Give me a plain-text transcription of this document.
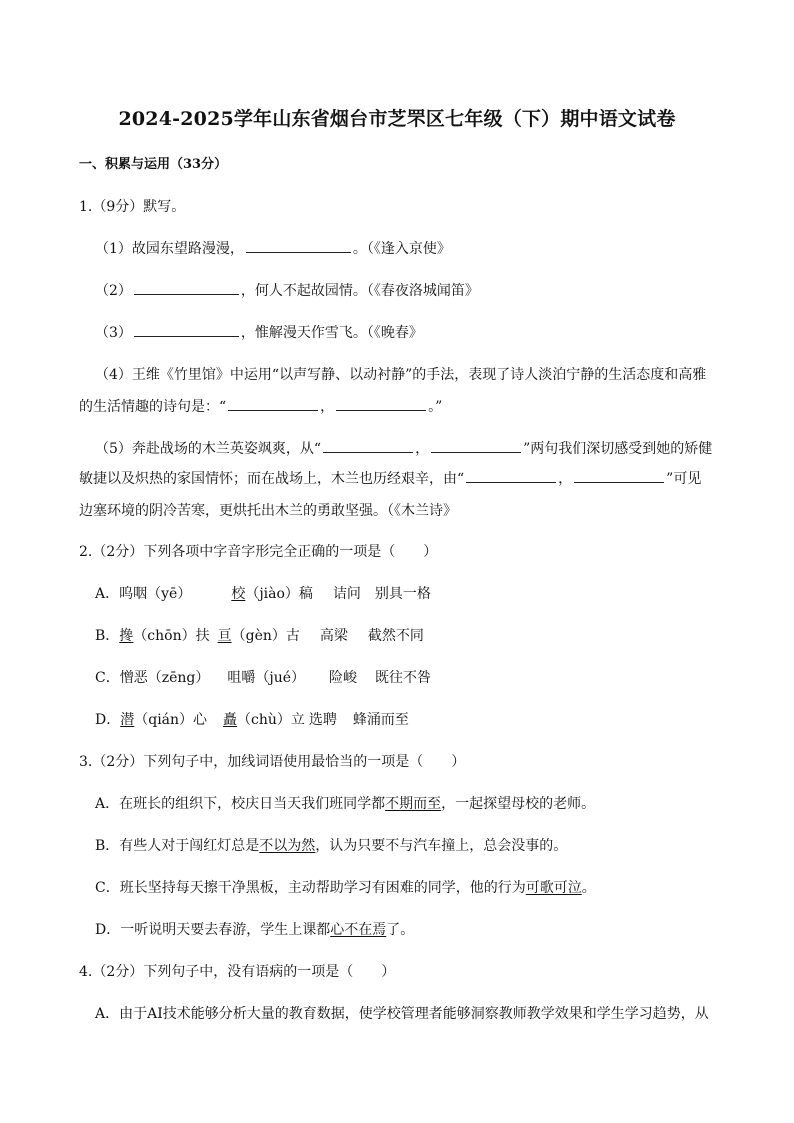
2024-2025学年山东省烟台市芝罘区七年级（下）期中语文试卷
一、积累与运用（33分）
1.（9分）默写。
（1）故园东望路漫漫，	。（《逢入京使》
（2）	，何人不起故园情。（《春夜洛城闻笛》
（3）	，惟解漫天作雪飞。（《晚春》
（4）王维《竹里馆》中运用“以声写静、以动衬静”的手法，表现了诗人淡泊宁静的生活态度和高雅
的生活情趣的诗句是：“	，	。”
（5）奔赴战场的木兰英姿飒爽，从“	，	”两句我们深切感受到她的矫健
敏捷以及炽热的家国情怀；而在战场上，木兰也历经艰辛，由“	，	”可见
边塞环境的阴冷苦寒，更烘托出木兰的勇敢坚强。（《木兰诗》
2.（2分）下列各项中字音字形完全正确的一项是（　　）
A．呜咽（yē）	校（jiào）稿 诘问 别具一格
B．搀（chōn）扶 亘（gèn）古 高梁 截然不同
C．憎恶（zēng） 咀嚼（jué） 险峻 既往不咎
D．潜（qián）心 矗（chù）立 选聘 蜂涌而至
3.（2分）下列句子中，加线词语使用最恰当的一项是（　　）
A．在班长的组织下，校庆日当天我们班同学都不期而至，一起探望母校的老师。
B．有些人对于闯红灯总是不以为然，认为只要不与汽车撞上，总会没事的。
C．班长坚持每天擦干净黑板，主动帮助学习有困难的同学，他的行为可歌可泣。
D．一听说明天要去春游，学生上课都心不在焉了。
4.（2分）下列句子中，没有语病的一项是（　　）
A．由于AI技术能够分析大量的教育数据，使学校管理者能够洞察教师教学效果和学生学习趋势，从
